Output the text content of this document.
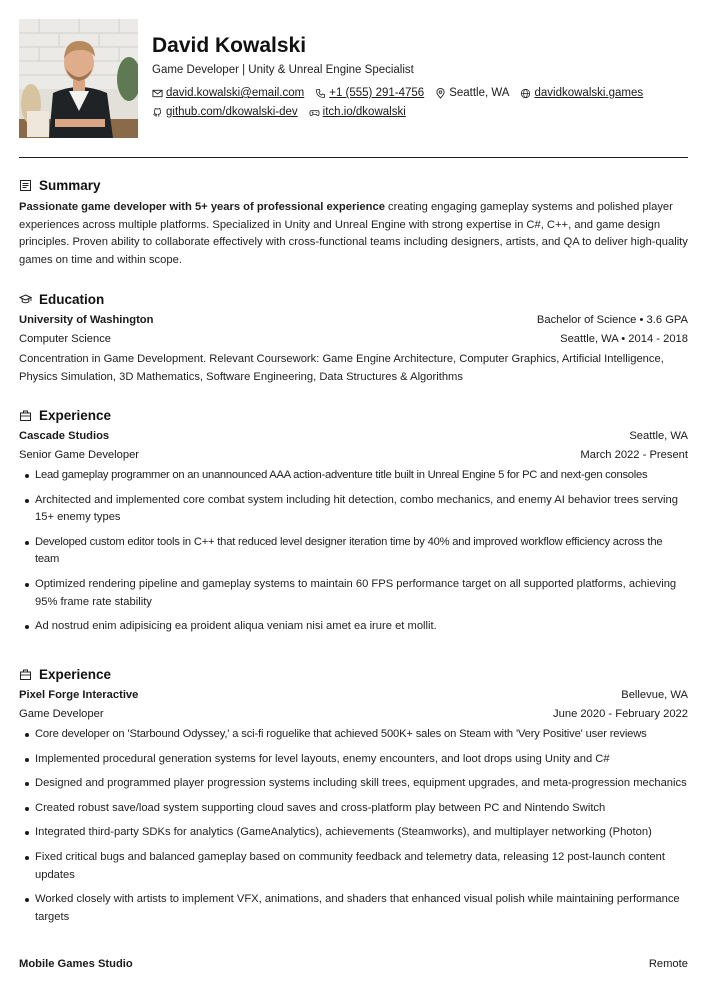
David Kowalski
Game Developer | Unity & Unreal Engine Specialist
david.kowalski@email.com +1 (555) 291-4756 Seattle, WA davidkowalski.games
github.com/dkowalski-dev itch.io/dkowalski
Summary
Passionate game developer with 5+ years of professional experience creating engaging gameplay systems and polished player experiences across multiple platforms. Specialized in Unity and Unreal Engine with strong expertise in C#, C++, and game design principles. Proven ability to collaborate effectively with cross-functional teams including designers, artists, and QA to deliver high-quality games on time and within scope.
Education
University of Washington	Bachelor of Science • 3.6 GPA
Computer Science	Seattle, WA • 2014 - 2018
Concentration in Game Development. Relevant Coursework: Game Engine Architecture, Computer Graphics, Artificial Intelligence, Physics Simulation, 3D Mathematics, Software Engineering, Data Structures & Algorithms
Experience
Cascade Studios	Seattle, WA
Senior Game Developer	March 2022 - Present
Lead gameplay programmer on an unannounced AAA action-adventure title built in Unreal Engine 5 for PC and next-gen consoles
Architected and implemented core combat system including hit detection, combo mechanics, and enemy AI behavior trees serving 15+ enemy types
Developed custom editor tools in C++ that reduced level designer iteration time by 40% and improved workflow efficiency across the team
Optimized rendering pipeline and gameplay systems to maintain 60 FPS performance target on all supported platforms, achieving 95% frame rate stability
Ad nostrud enim adipisicing ea proident aliqua veniam nisi amet ea irure et mollit.
Experience
Pixel Forge Interactive	Bellevue, WA
Game Developer	June 2020 - February 2022
Core developer on 'Starbound Odyssey,' a sci-fi roguelike that achieved 500K+ sales on Steam with 'Very Positive' user reviews
Implemented procedural generation systems for level layouts, enemy encounters, and loot drops using Unity and C#
Designed and programmed player progression systems including skill trees, equipment upgrades, and meta-progression mechanics
Created robust save/load system supporting cloud saves and cross-platform play between PC and Nintendo Switch
Integrated third-party SDKs for analytics (GameAnalytics), achievements (Steamworks), and multiplayer networking (Photon)
Fixed critical bugs and balanced gameplay based on community feedback and telemetry data, releasing 12 post-launch content updates
Worked closely with artists to implement VFX, animations, and shaders that enhanced visual polish while maintaining performance targets
Mobile Games Studio	Remote
